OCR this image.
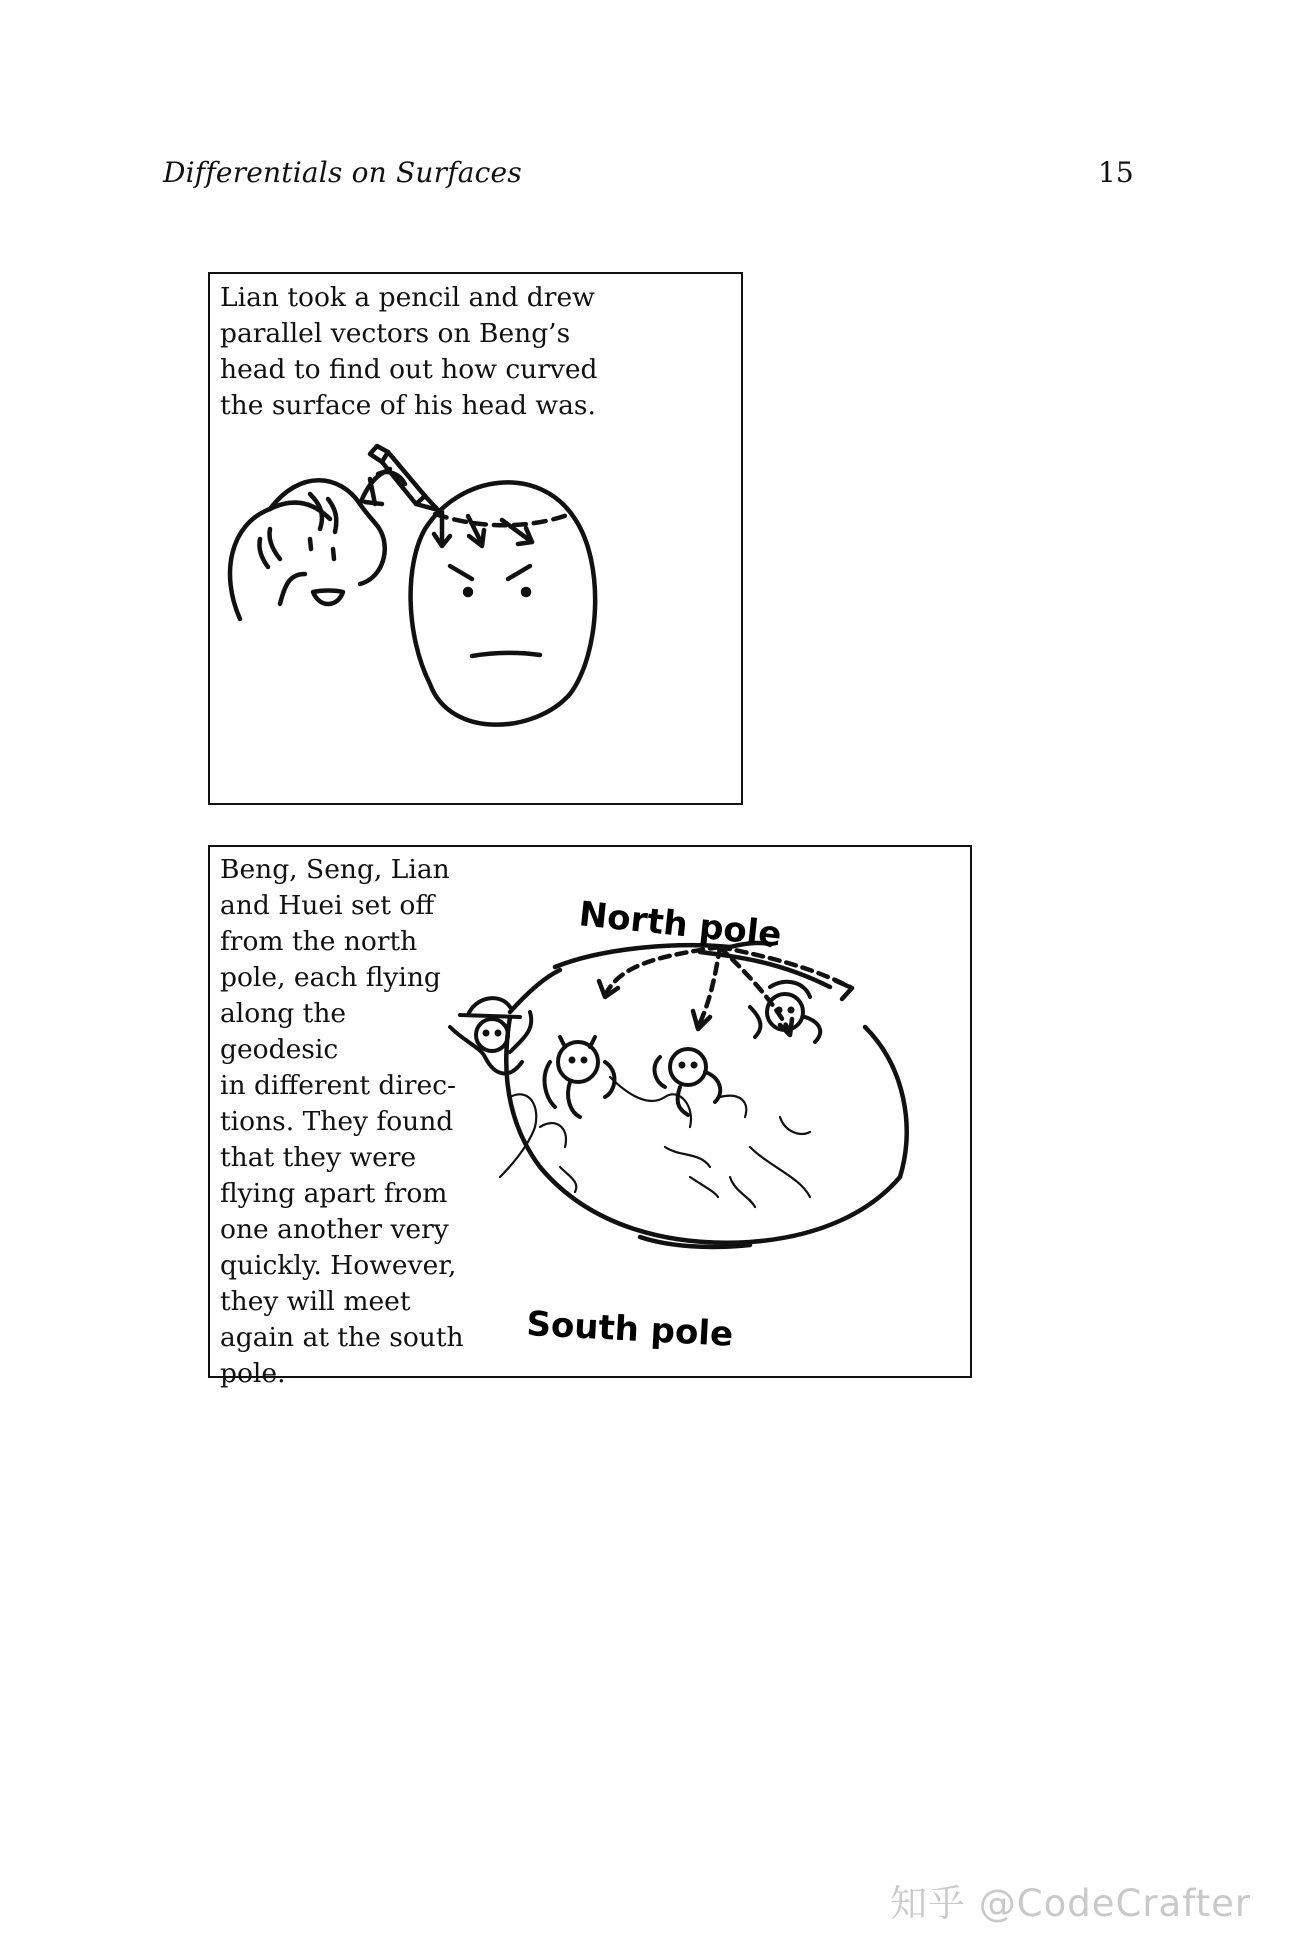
Differentials on Surfaces	15
Lian took a pencil and drew
parallel vectors on Beng’s
head to find out how curved
the surface of his head was.
Beng, Seng, Lian
and Huei set off
from the north
pole, each flying
along the geodesic
in different direc-
tions. They found
that they were
flying apart from
one another very
quickly. However,
they will meet
again at the south
pole.
North pole
South pole
知乎 @CodeCrafter
